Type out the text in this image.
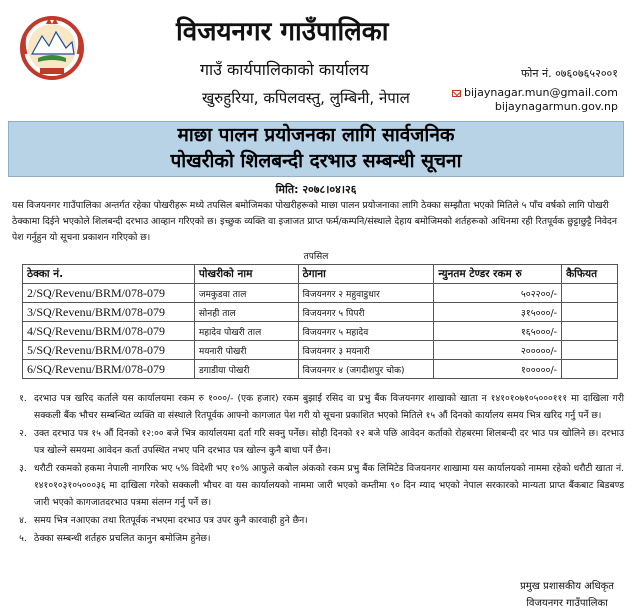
विजयनगर गाउँपालिका
गाउँ कार्यपालिकाको कार्यालय
खुरुहुरिया, कपिलवस्तु, लुम्बिनी, नेपाल
फोन नं. ०७६०७६५२००१
bijaynagar.mun@gmail.com
bijaynagarmun.gov.np
माछा पालन प्रयोजनका लागि सार्वजनिक
पोखरीको शिलबन्दी दरभाउ सम्बन्धी सूचना
मिति: २०७८।०४।२६
यस विजयनगर गाउँपालिका अन्तर्गत रहेका पोखरीहरू मध्ये तपसिल बमोजिमका पोखरीहरूको माछा पालन प्रयोजनाका लागि ठेक्का सम्झौता भएको मितिले ५ पाँच वर्षको लागि पोखरी ठेक्कामा दिईने भएकोले शिलबन्दी दरभाउ आव्हान गरिएको छ। इच्छुक व्यक्ति वा इजाजत प्राप्त फर्म/कम्पनि/संस्थाले देहाय बमोजिमको शर्तहरूको अधिनमा रही रितपूर्वक छुट्टाछुट्टै निवेदन पेश गर्नुहुन यो सूचना प्रकाशन गरिएको छ।
तपसिल
ठेक्का नं.	पोखरीको नाम	ठेगाना	न्युनतम टेण्डर रकम रु	कैफियत
2/SQ/Revenu/BRM/078-079	जमकुडवा ताल	विजयनगर २ महुवाडुधार	५०२२००/-	
3/SQ/Revenu/BRM/078-079	सोनही ताल	विजयनगर ५ पिपरी	३१५०००/-	
4/SQ/Revenu/BRM/078-079	महादेव पोखरी ताल	विजयनगर ५ महादेव	१६५०००/-	
5/SQ/Revenu/BRM/078-079	मयनारी पोखरी	विजयनगर ३ मयनारी	२०००००/-	
6/SQ/Revenu/BRM/078-079	डगाडीया पोखरी	विजयनगर ४ (जगदीशपुर चोक)	१०००००/-	
१. दरभाउ पत्र खरिद कर्ताले यस कार्यालयमा रकम रु १०००/- (एक हजार) रकम बुझाई रसिद वा प्रभु बैंक विजयनगर शाखाको खाता न १४१०१०७१०५०००१११ मा दाखिला गरी सक्कली बैंक भौचर सम्बन्धित व्यक्ति वा संस्थाले रितपूर्वक आफ्नो कागजात पेश गरी यो सूचना प्रकाशित भएको मितिले १५ औं दिनको कार्यालय समय भित्र खरिद गर्नु पर्ने छ।
२. उक्त दरभाउ पत्र १५ औं दिनको १२:०० बजे भित्र कार्यालयमा दर्ता गरि सक्नु पर्नेछ। सोही दिनको १२ बजे पछि आवेदन कर्ताको रोहबरमा शिलबन्दी दर भाउ पत्र खोलिने छ। दरभाउ पत्र खोल्ने समयमा आवेदन कर्ता उपस्थित नभए पनि दरभाउ पत्र खोल्न कुनै बाधा पर्ने छैन।
३. धरौटी रकमको हकमा नेपाली नागरिक भए ५% विदेशी भए १०% आफुले कबोल अंकको रकम प्रभु बैंक लिमिटेड विजयनगर शाखामा यस कार्यालयको नाममा रहेको धरौटी खाता नं. १४१०१०३१०५०००३६ मा दाखिला गरेको सक्कली भौचर वा यस कार्यालयको नाममा जारी भएको कम्तीमा ९० दिन म्याद भएको नेपाल सरकारको मान्यता प्राप्त बैंकबाट बिडबण्ड जारी भएको कागजातदरभाउ पत्रमा संलग्न गर्नु पर्ने छ।
४. समय भित्र नआएका तथा रितपूर्वक नभएमा दरभाउ पत्र उपर कुनै कारवाही हुने छैन।
५. ठेक्का सम्बन्धी शर्तहरु प्रचलित कानुन बमोजिम हुनेछ।
प्रमुख प्रशासकीय अधिकृत
विजयनगर गाउँपालिका
